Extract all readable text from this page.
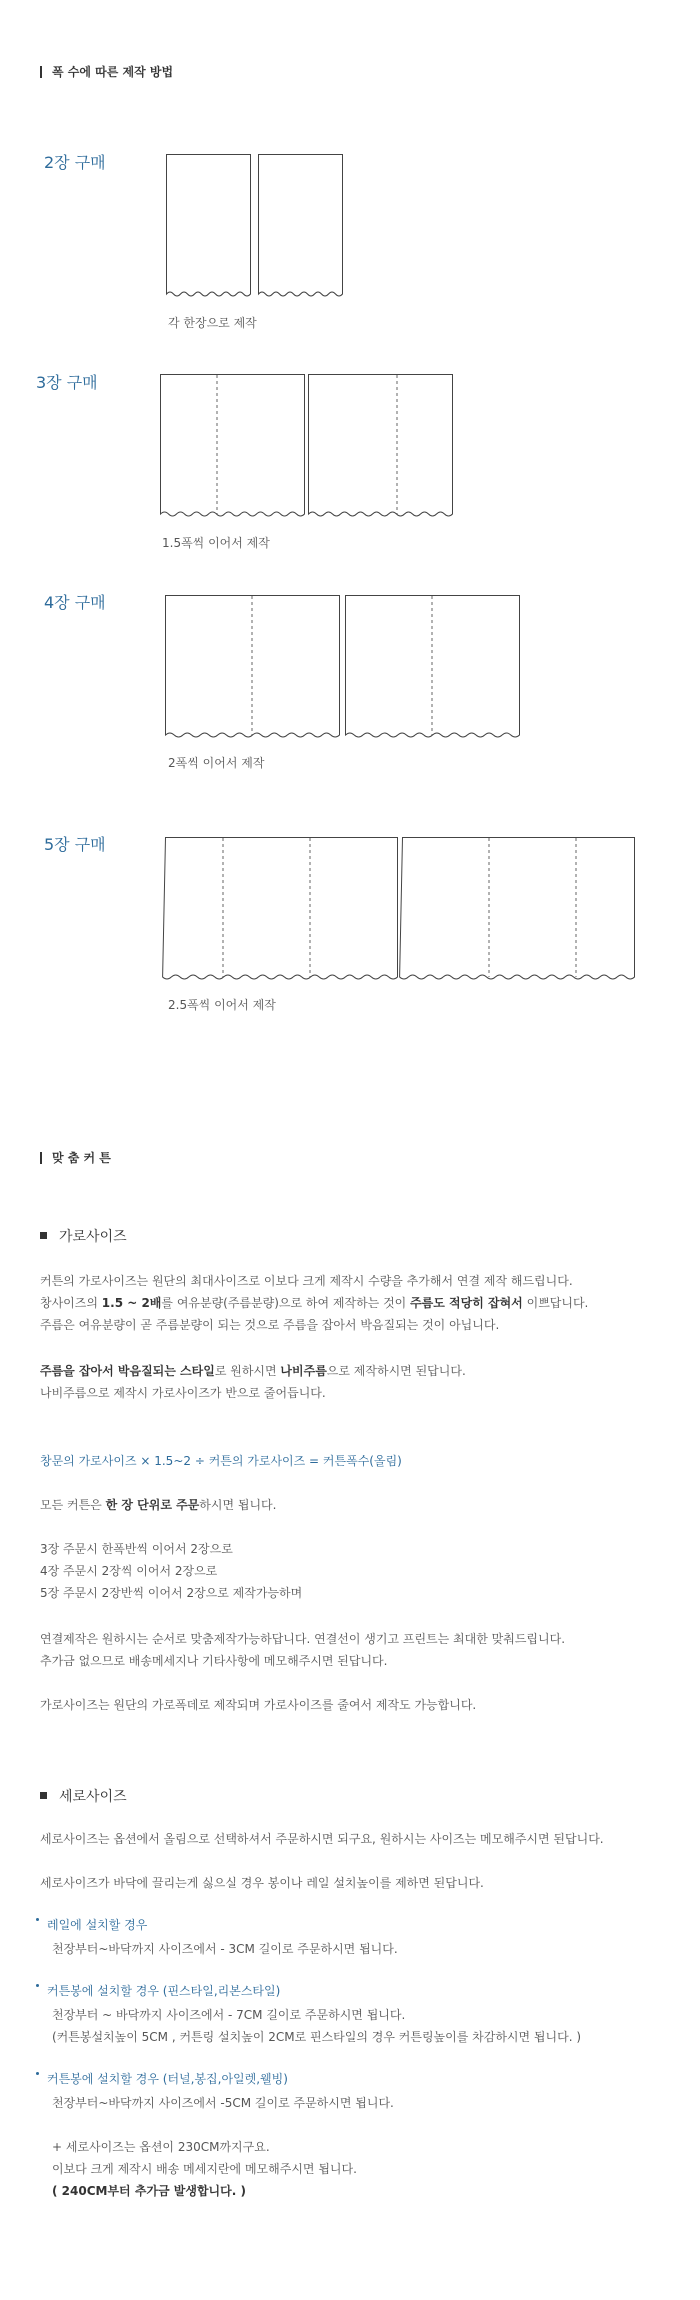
폭 수에 따른 제작 방법
2장 구매
각 한장으로 제작
3장 구매
1.5폭씩 이어서 제작
4장 구매
2폭씩 이어서 제작
5장 구매
2.5폭씩 이어서 제작
맞 춤 커 튼
가로사이즈
커튼의 가로사이즈는 원단의 최대사이즈로 이보다 크게 제작시 수량을 추가해서 연결 제작 해드립니다.
창사이즈의 1.5 ~ 2배를 여유분량(주름분량)으로 하여 제작하는 것이 주름도 적당히 잡혀서 이쁘답니다.
주름은 여유분량이 곧 주름분량이 되는 것으로 주름을 잡아서 박음질되는 것이 아닙니다.
주름을 잡아서 박음질되는 스타일로 원하시면 나비주름으로 제작하시면 된답니다.
나비주름으로 제작시 가로사이즈가 반으로 줄어듭니다.
창문의 가로사이즈 × 1.5~2 ÷ 커튼의 가로사이즈 = 커튼폭수(올림)
모든 커튼은 한 장 단위로 주문하시면 됩니다.
3장 주문시 한폭반씩 이어서 2장으로
4장 주문시 2장씩 이어서 2장으로
5장 주문시 2장반씩 이어서 2장으로 제작가능하며
연결제작은 원하시는 순서로 맞춤제작가능하답니다. 연결선이 생기고 프린트는 최대한 맞춰드립니다.
추가금 없으므로 배송메세지나 기타사항에 메모해주시면 된답니다.
가로사이즈는 원단의 가로폭데로 제작되며 가로사이즈를 줄여서 제작도 가능합니다.
세로사이즈
세로사이즈는 옵션에서 올림으로 선택하셔서 주문하시면 되구요, 원하시는 사이즈는 메모해주시면 된답니다.
세로사이즈가 바닥에 끌리는게 싫으실 경우 봉이나 레일 설치높이를 제하면 된답니다.
레일에 설치할 경우
천장부터~바닥까지 사이즈에서 - 3CM 길이로 주문하시면 됩니다.
커튼봉에 설치할 경우 (핀스타일,리본스타일)
천장부터 ~ 바닥까지 사이즈에서 - 7CM 길이로 주문하시면 됩니다.
(커튼봉설치높이 5CM , 커튼링 설치높이 2CM로 핀스타일의 경우 커튼링높이를 차감하시면 됩니다. )
커튼봉에 설치할 경우 (터널,봉집,아일렛,웰빙)
천장부터~바닥까지 사이즈에서 -5CM 길이로 주문하시면 됩니다.
+ 세로사이즈는 옵션이 230CM까지구요.
이보다 크게 제작시 배송 메세지란에 메모해주시면 됩니다.
( 240CM부터 추가금 발생합니다. )
